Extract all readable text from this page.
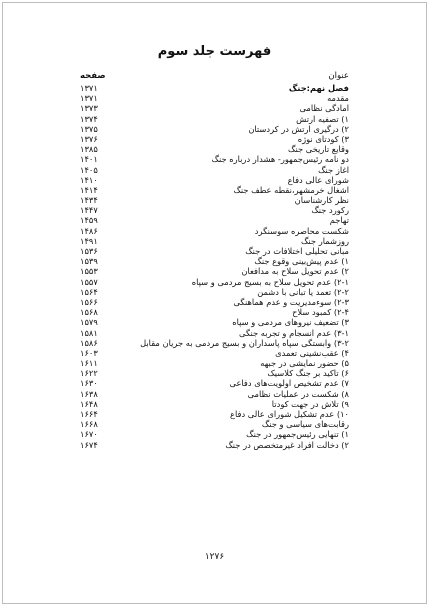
فهرست جلد سوم
عنوان
صفحه
فصل نهم:جنگ
۱۳۷۱
مقدمه
۱۳۷۱
امادگی نظامی
۱۳۷۳
۱) تصفیه ارتش
۱۳۷۴
۲) درگیری ارتش در کردستان
۱۳۷۵
۳) کودتای نوژه
۱۳۷۶
وقایع تاریخی جنگ
۱۳۸۵
دو نامه رئیس‌جمهور- هشدار درباره جنگ
۱۴۰۱
اغاز جنگ
۱۴۰۵
شورای عالی دفاع
۱۴۱۰
اشغال خرمشهر،نقطه عطف جنگ
۱۴۱۴
نظر کارشناسان
۱۴۳۴
رکورد جنگ
۱۴۴۷
تهاجم
۱۴۵۹
شکست محاصره سوسنگرد
۱۴۸۶
روزشمار جنگ
۱۴۹۱
مبانی تحلیلی اختلافات در جنگ
۱۵۳۶
۱) عدم پیش‌بینی وقوع جنگ
۱۵۳۹
۲) عدم تحویل سلاح به مدافعان
۱۵۵۳
۲-۱) عدم تحویل سلاح به بسیج مردمی و سپاه
۱۵۵۷
۲-۲) تعمد یا تبانی با دشمن
۱۵۶۴
۲-۳) سوءمدیریت و عدم هماهنگی
۱۵۶۶
۲-۴) کمبود سلاح
۱۵۶۸
۳) تضعیف نیروهای مردمی و سپاه
۱۵۷۹
۳-۱) عدم انسجام و تجربه جنگی
۱۵۸۱
۳-۲) وابستگی سپاه پاسداران و بسیج مردمی به جریان مقابل
۱۵۸۶
۴) عقب‌نشینی تعمدی
۱۶۰۳
۵) حضور نمایشی در جبهه
۱۶۱۱
۶) تاکید بر جنگ کلاسیک
۱۶۲۲
۷) عدم تشخیص اولویت‌های دفاعی
۱۶۳۰
۸) شکست در عملیات نظامی
۱۶۳۸
۹) تلاش در جهت کودتا
۱۶۴۸
۱۰) عدم تشکیل شورای عالی دفاع
۱۶۶۴
رقابت‌های سیاسی و جنگ
۱۶۶۸
۱) تنهایی رئیس‌جمهور در جنگ
۱۶۷۰
۲) دخالت افراد غیرمتخصص در جنگ
۱۶۷۴
۱۲۷۶
